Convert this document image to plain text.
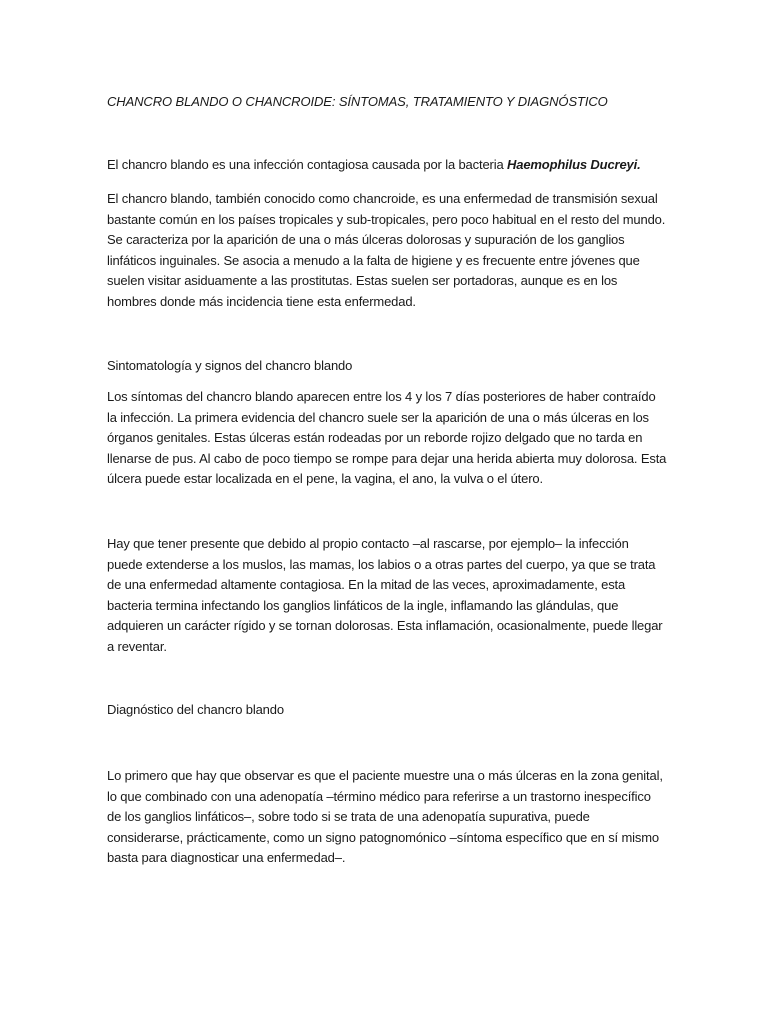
CHANCRO BLANDO O CHANCROIDE: SÍNTOMAS, TRATAMIENTO Y DIAGNÓSTICO

El chancro blando es una infección contagiosa causada por la bacteria Haemophilus Ducreyi.

El chancro blando, también conocido como chancroide, es una enfermedad de transmisión sexual bastante común en los países tropicales y sub-tropicales, pero poco habitual en el resto del mundo. Se caracteriza por la aparición de una o más úlceras dolorosas y supuración de los ganglios linfáticos inguinales. Se asocia a menudo a la falta de higiene y es frecuente entre jóvenes que suelen visitar asiduamente a las prostitutas. Estas suelen ser portadoras, aunque es en los hombres donde más incidencia tiene esta enfermedad.

Sintomatología y signos del chancro blando

Los síntomas del chancro blando aparecen entre los 4 y los 7 días posteriores de haber contraído la infección. La primera evidencia del chancro suele ser la aparición de una o más úlceras en los órganos genitales. Estas úlceras están rodeadas por un reborde rojizo delgado que no tarda en llenarse de pus. Al cabo de poco tiempo se rompe para dejar una herida abierta muy dolorosa. Esta úlcera puede estar localizada en el pene, la vagina, el ano, la vulva o el útero.

Hay que tener presente que debido al propio contacto –al rascarse, por ejemplo– la infección puede extenderse a los muslos, las mamas, los labios o a otras partes del cuerpo, ya que se trata de una enfermedad altamente contagiosa. En la mitad de las veces, aproximadamente, esta bacteria termina infectando los ganglios linfáticos de la ingle, inflamando las glándulas, que adquieren un carácter rígido y se tornan dolorosas. Esta inflamación, ocasionalmente, puede llegar a reventar.

Diagnóstico del chancro blando

Lo primero que hay que observar es que el paciente muestre una o más úlceras en la zona genital, lo que combinado con una adenopatía –término médico para referirse a un trastorno inespecífico de los ganglios linfáticos–, sobre todo si se trata de una adenopatía supurativa, puede considerarse, prácticamente, como un signo patognomónico –síntoma específico que en sí mismo basta para diagnosticar una enfermedad–.
